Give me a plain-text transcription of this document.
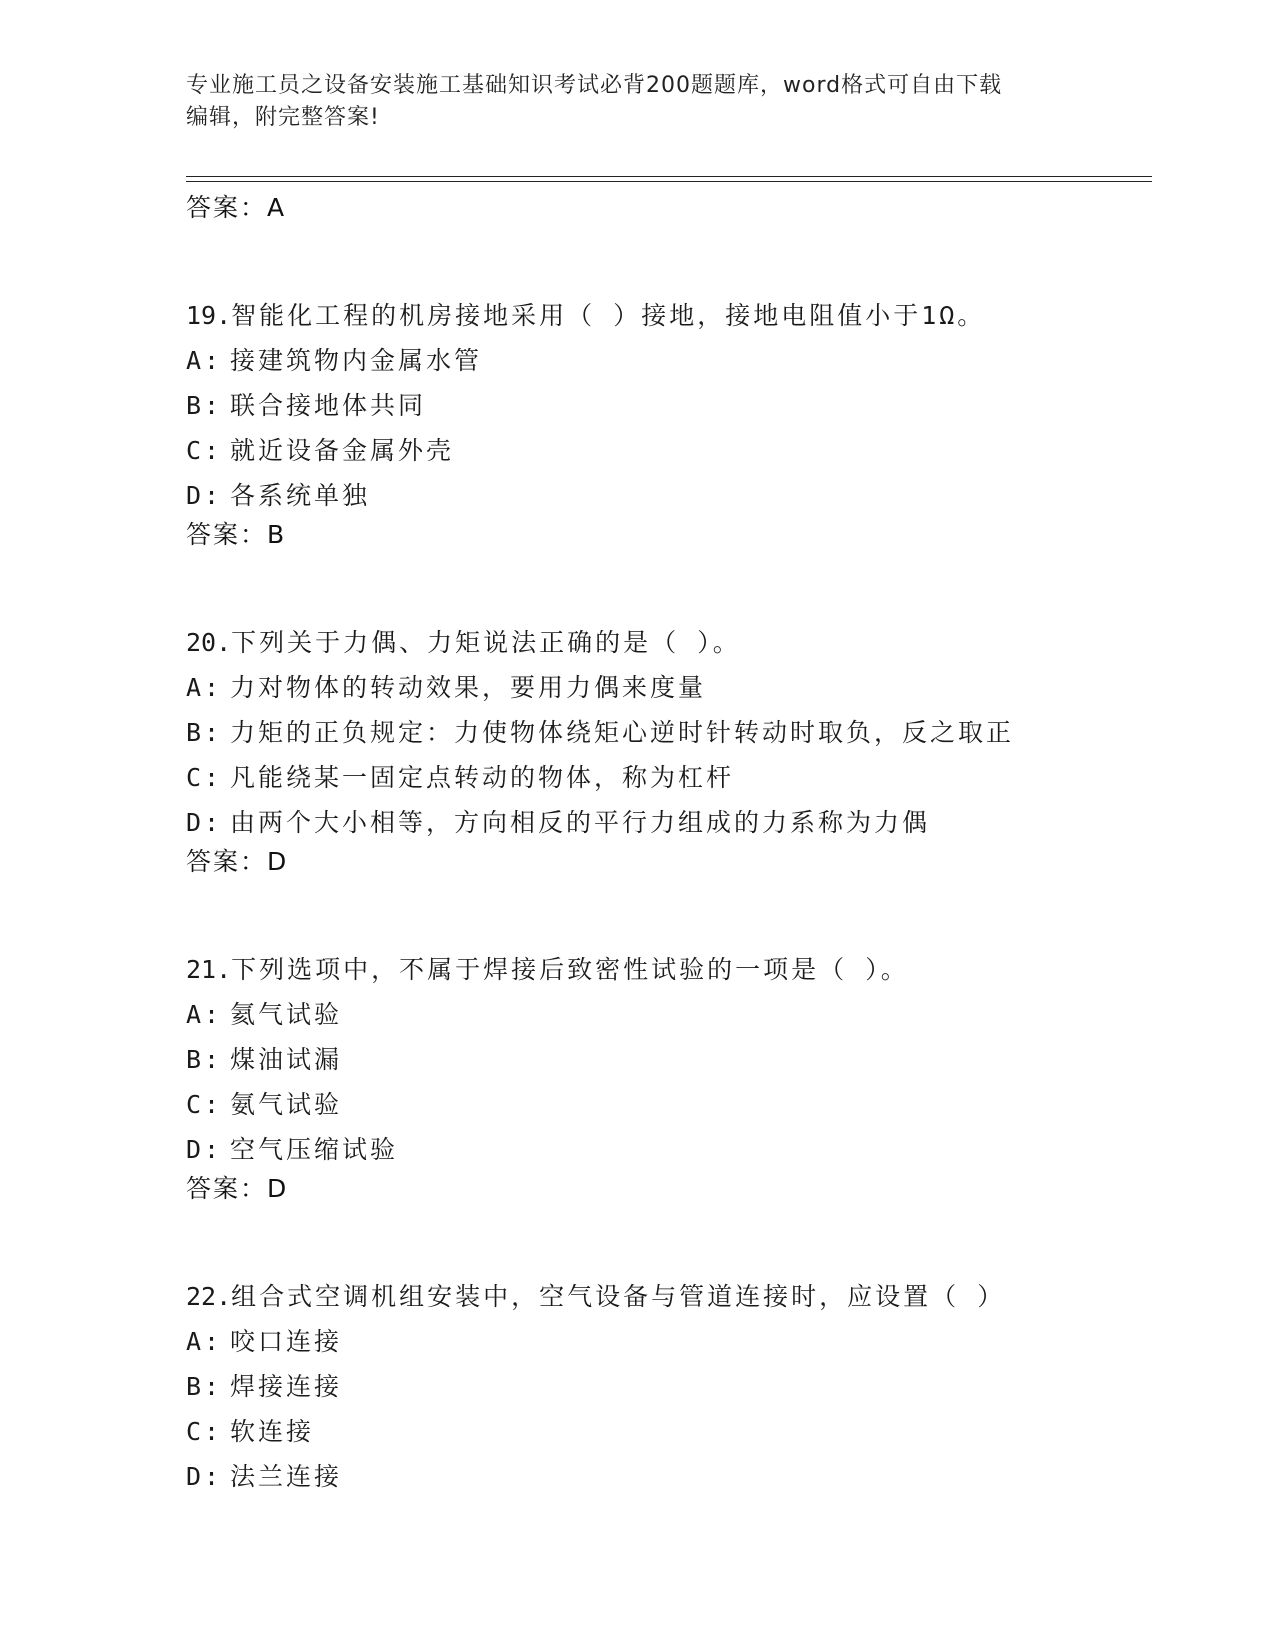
专业施工员之设备安装施工基础知识考试必背200题题库，word格式可自由下载
编辑，附完整答案!
答案：A
19.智能化工程的机房接地采用（ ）接地，接地电阻值小于1Ω。
A: 接建筑物内金属水管
B: 联合接地体共同
C: 就近设备金属外壳
D: 各系统单独
答案：B
20.下列关于力偶、力矩说法正确的是（ ）。
A: 力对物体的转动效果，要用力偶来度量
B: 力矩的正负规定：力使物体绕矩心逆时针转动时取负，反之取正
C: 凡能绕某一固定点转动的物体，称为杠杆
D: 由两个大小相等，方向相反的平行力组成的力系称为力偶
答案：D
21.下列选项中，不属于焊接后致密性试验的一项是（ ）。
A: 氦气试验
B: 煤油试漏
C: 氨气试验
D: 空气压缩试验
答案：D
22.组合式空调机组安装中，空气设备与管道连接时，应设置（ ）
A: 咬口连接
B: 焊接连接
C: 软连接
D: 法兰连接
